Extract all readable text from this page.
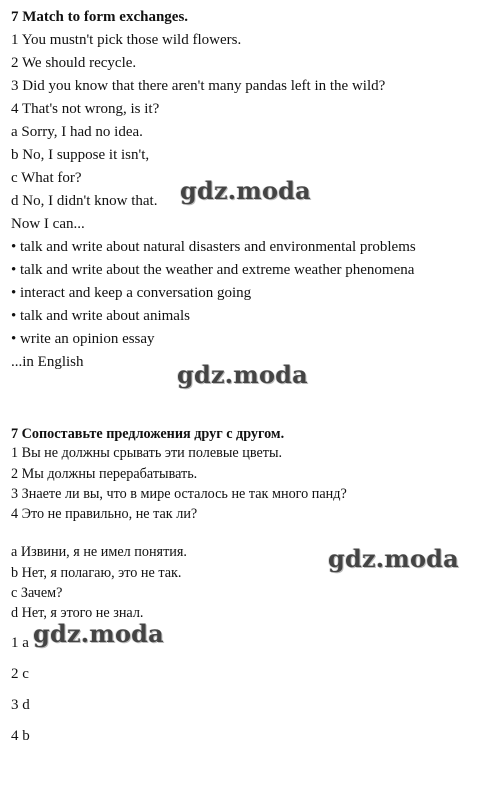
7 Match to form exchanges.
1 You mustn't pick those wild flowers.
2 We should recycle.
3 Did you know that there aren't many pandas left in the wild?
4 That's not wrong, is it?
a Sorry, I had no idea.
b No, I suppose it isn't,
c What for?
d No, I didn't know that.
Now I can...
• talk and write about natural disasters and environmental problems
• talk and write about the weather and extreme weather phenomena
• interact and keep a conversation going
• talk and write about animals
• write an opinion essay
...in English
7 Сопоставьте предложения друг с другом.
1 Вы не должны срывать эти полевые цветы.
2 Мы должны перерабатывать.
3 Знаете ли вы, что в мире осталось не так много панд?
4 Это не правильно, не так ли?
a Извини, я не имел понятия.
b Нет, я полагаю, это не так.
c Зачем?
d Нет, я этого не знал.
1 a
2 c
3 d
4 b
gdz.moda
gdz.moda
gdz.moda
gdz.moda
